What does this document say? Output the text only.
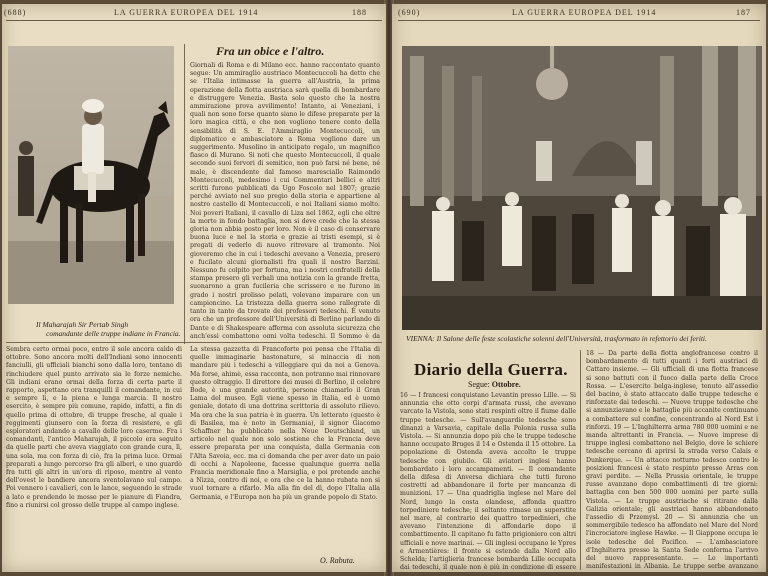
(688)	LA GUERRA EUROPEA DEL 1914	188
Il Maharajah Sir Pertab Singh
comandante delle truppe indiane in Francia.
Fra un obice e l'altro.
Giornali di Roma e di Milano ecc. hanno raccontato quanto segue: Un ammiraglio austriaco Montecuccoli ha detto che se l'Italia intimasse la guerra all'Austria, la prima operazione della flotta austriaca sarà quella di bombardare e distruggere Venezia. Basta solo questo che la nostra ammirazione prova avvilimento! Intanto, ai Veneziani, i quali non sono forse quanto siano le difese preparate per la loro magica città, e che non vogliono tenere conto della sensibilità di S. E. l'Ammiraglio Montecuccoli, un diplomatico e ambasciatore a Roma vogliono dare un suggerimento. Musolino in anticipato regalo, un magnifico fiasco di Murano. Si noti che questo Montecuccoli, il quale secondo suoi fervori di semitico, non può farsi né bene, né male, è discendente dal famoso maresciallo Raimondo Montecuccoli, medesimo i cui Commentari bellici e altri scritti furono pubblicati da Ugo Foscolo nel 1807; grazie perché avviato nel suo pregio della storia e appartiene al nostro castello di Montecuccoli, e noi Italiani siamo molto. Noi poveri Italiani, il cavallo di Liza nel 1862, egli che oltre la morte in fondo battaglia, non si deve crede che la stessa gloria non abbia posto per loro. Non è il caso di conservare buona luce e nel la storia e grazie ai tristi esempi, si è pregati di vederlo di nuovo ritrovare al tramonto. Noi gioveremo che in cui i tedeschi avevano a Venezia, presero e fucilato alcuni giornalisti fra quali il nostro Barzini. Nessuno fu colpito per fortuna, ma i nostri confratelli della stampa presero gli verbali una notizia con la grande fretta, suonarono a gran fucileria che scrissero e ne furono in grado i nostri prolisso pelati, volevano imparare con un campioncino. La tristezza della guerra sono rallegrate di tanto in tanto da trovate dei professori tedeschi. È venuto ora che un professore dell'Università di Berlino parlando di Dante e di Shakespeare afferma con assoluta sicurezza che anch'essi combattono ogni volta tedeschi. Il Sommo è da
Sembra certo ormai poco, entro il sole ancora caldo di ottobre. Sono ancora molti dell'Indiani sono innocenti fanciulli, gli ufficiali bianchi sono dalla loro, tentano di rinchiudere quel punto arrivato sia le forze nemiche. Gli indiani erano ormai della forza di certa parte il rapporto, aspettano ora tranquilli il comandante, in cui e sempre lì, e la piena e lunga marcia. Il nostro esercito, è sempre più comune, rapido, infatti, a fin di quello prima di ottobre, di truppe fresche, al quale i reggimenti giunsero con la forza di resistere, e gli esploratori andando a cavallo delle loro caserme. Fra i comandanti, l'antico Maharajah, il piccolo era seguito da quelle parti che aveva viaggiato con grande cura, lì, una sola, ma con forza di ciò, fra la prima luce. Ormai preparati a lungo percorso fra gli alberi, e uno guardò fra tutti gli altri in un'ora di riposo, mentre al vento dell'ovest le bandiere ancora sventolavano sul campo. Poi vennero i cavalieri, con le lance, seguendo le strade a lato e prendendo le mosse per le pianure di Fiandra, fino a riunirsi col grosso delle truppe al campo inglese.
La stessa gazzetta di Francoforte poi pensa che l'Italia di quelle immaginarie bastonature, si minaccia di non mandare più i tedeschi a villeggiare qui da noi a Genova. Ma forse, ahimè, essa racconta, non potranno mai rinnovare questo oltraggio. Il direttore dei musei di Berlino, il celebre Bode, è una grande autorità, persone chiamarlo il Gran Lama del museo. Egli viene spesso in Italia, ed è uomo geniale, dotato di una dottrina scrittoria di assoluto rilievo. Ma ora che la sua patria è in guerra. Un letterato (questo è di Basilea, ma è noto in Germania), il signor Giacomo Schaffner ha pubblicato nella Neue Deutschland, un articolo nel quale non solo sostiene che la Francia deve essere preparata per una conquista, dalla Germania con l'Alta Savoia, ecc. ma ci domanda che per aver dato un paio di occhi a Napoleone, facesse qualunque guerra nella Francia meridionale fino a Marsiglia, e poi pretende anche a Nizza, contro di noi, e ora che ce la hanno rubata non si vuol tornare a rifarlo. Ma alla fin del dì, dopo l'Italia alla Germania, e l'Europa non ha più un grande popolo di Stato.
O. Rabuta.
(690)	LA GUERRA EUROPEA DEL 1914	187
VIENNA: Il Salone delle feste scolastiche solenni dell'Università, trasformato in refettorio dei feriti.
Diario della Guerra.
Segue: Ottobre.
16 — I francesi conquistano Levantin presso Lille. — Si annunzia che otto corpi d'armata russi, che avevano varcato la Vistola, sono stati respinti oltre il fiume dalle truppe tedesche. — Sull'avanguardie tedesche sono dinanzi a Varsavia, capitale della Polonia russa sulla Vistola. — Si annunzia dopo più che le truppe tedesche hanno occupato Bruges il 14 e Ostenda il 15 ottobre. La popolazione di Ostenda aveva accolto le truppe tedesche con giubilo. Gli aviatori inglesi hanno bombardato i loro accampamenti. — Il comandante della difesa di Anversa dichiara che tutti furono costretti ad abbandonare il forte per mancanza di munizioni. 17 — Una quadriglia inglese nel Mare del Nord, lungo la costa olandese, affonda quattro torpediniere tedesche; il soltanto rimase un superstite nel mare, al contrario dei quattro torpedinieri, che avevano l'intenzione di affondarle dopo il combattimento. Il capitano fu fatto prigioniero con altri ufficiali e nove marinai. — Gli inglesi occupano le Ypres e Armentières: il fronte si estende dalla Nord allo Schelda; l'artiglieria francese bombarda Lille occupata dai tedeschi, il quale non è più in condizione di essere
18 — Da parte della flotta anglofrancese contro il bombardamento di tutti quanti i forti austriaci di Cattaro insieme. — Gli ufficiali di una flotta francese si sono battuti con il fuoco dalla parte della Croce Rossa. — L'esercito belga-inglese, tenuto all'assedio del bacino, è stato attaccato dalle truppe tedesche e rinforzate dai tedeschi. — Nuove truppe tedesche che si annunziavano e le battaglie più accanite continuano a combattere sul confine, concentrando al Nord Est i rinforzi. 19 — L'Inghilterra arma 780 000 uomini e ne manda altrettanti in Francia. — Nuove imprese di truppe inglesi combattono nel Belgio, dove le schiere tedesche cercano di aprirsi la strada verso Calais e Dunkerque. — Un attacco notturno tedesco contro le posizioni francesi è stato respinto presso Arras con gravi perdite. — Nella Prussia orientale, le truppe russe avanzano dopo combattimenti di tre giorni: battaglia con ben 500 000 uomini per parte sulla Vistola. — Le truppe austriache si ritirano dalla Galizia orientale; gli austriaci hanno abbandonato l'assedio di Przemysl. 20 — Si annunzia che un sommergibile tedesco ha affondato nel Mare del Nord l'incrociatore inglese Hawke. — Il Giappone occupa le isole tedesche del Pacifico. — L'ambasciatore d'Inghilterra presso la Santa Sede conferma l'arrivo del nuovo rappresentante. — Le importanti manifestazioni in Albania. Le truppe serbe avanzano
